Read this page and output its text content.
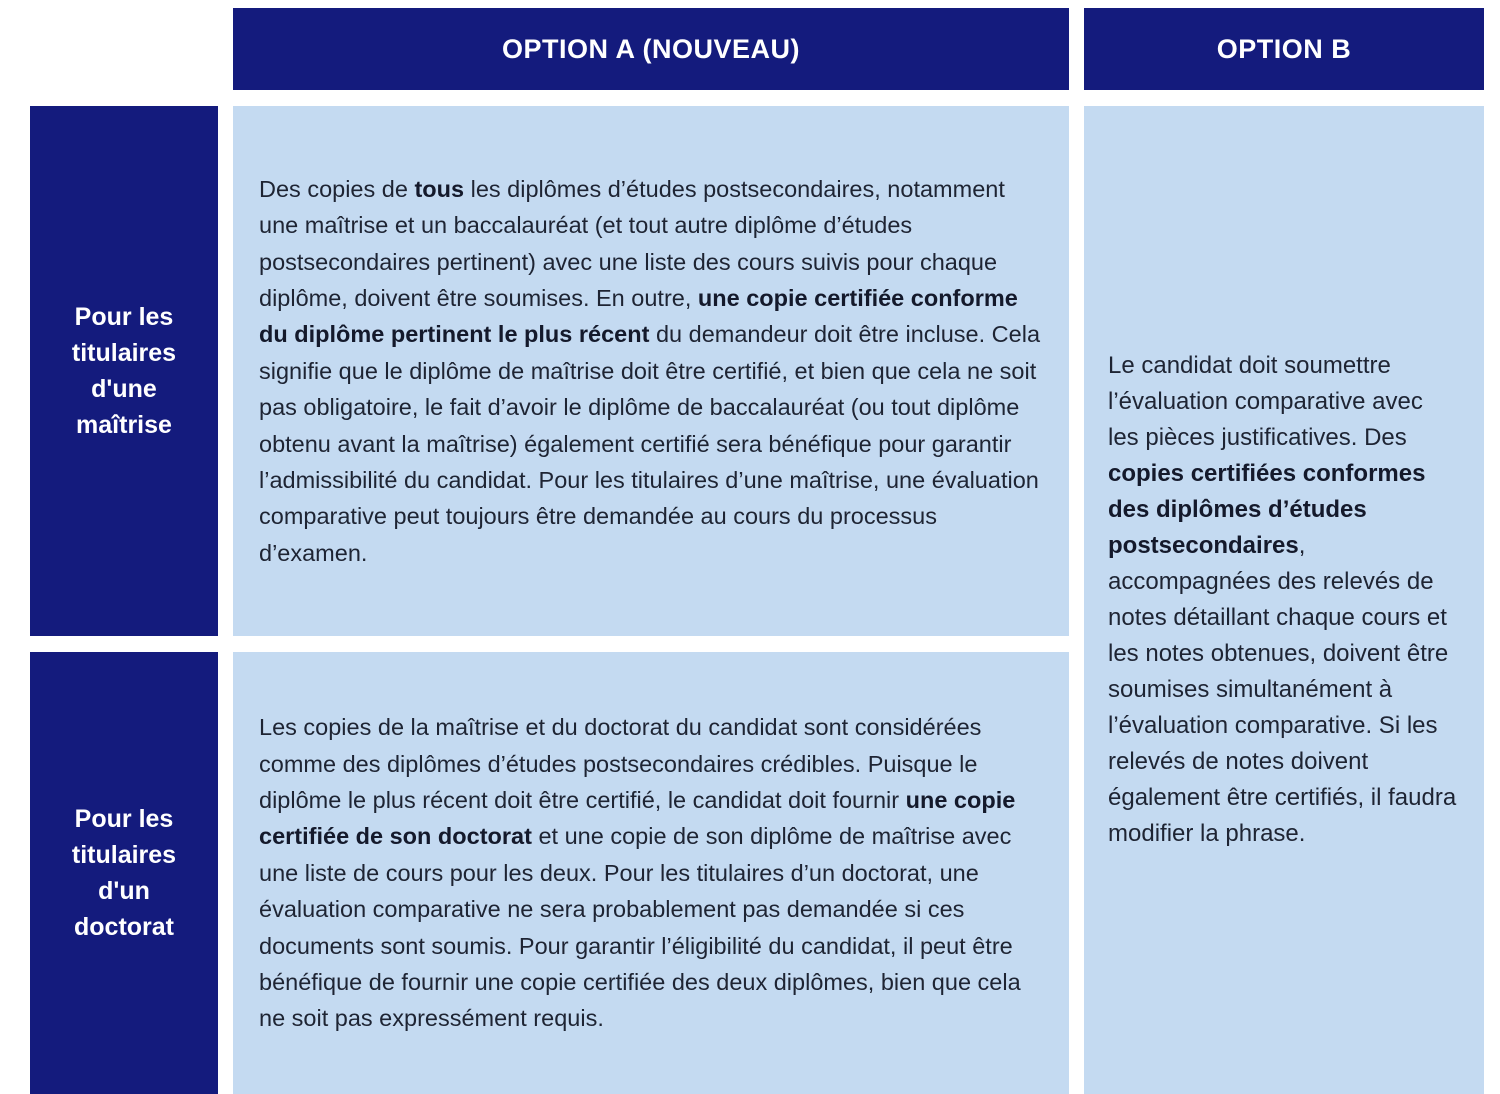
OPTION A (NOUVEAU)	OPTION B
Pour les titulaires d'une maîtrise
Des copies de tous les diplômes d’études postsecondaires, notamment une maîtrise et un baccalauréat (et tout autre diplôme d’études postsecondaires pertinent) avec une liste des cours suivis pour chaque diplôme, doivent être soumises. En outre, une copie certifiée conforme du diplôme pertinent le plus récent du demandeur doit être incluse. Cela signifie que le diplôme de maîtrise doit être certifié, et bien que cela ne soit pas obligatoire, le fait d’avoir le diplôme de baccalauréat (ou tout diplôme obtenu avant la maîtrise) également certifié sera bénéfique pour garantir l’admissibilité du candidat. Pour les titulaires d’une maîtrise, une évaluation comparative peut toujours être demandée au cours du processus d’examen.
Le candidat doit soumettre l’évaluation comparative avec les pièces justificatives. Des copies certifiées conformes des diplômes d’études postsecondaires, accompagnées des relevés de notes détaillant chaque cours et les notes obtenues, doivent être soumises simultanément à l’évaluation comparative. Si les relevés de notes doivent également être certifiés, il faudra modifier la phrase.
Pour les titulaires d'un doctorat
Les copies de la maîtrise et du doctorat du candidat sont considérées comme des diplômes d’études postsecondaires crédibles. Puisque le diplôme le plus récent doit être certifié, le candidat doit fournir une copie certifiée de son doctorat et une copie de son diplôme de maîtrise avec une liste de cours pour les deux. Pour les titulaires d’un doctorat, une évaluation comparative ne sera probablement pas demandée si ces documents sont soumis. Pour garantir l’éligibilité du candidat, il peut être bénéfique de fournir une copie certifiée des deux diplômes, bien que cela ne soit pas expressément requis.
